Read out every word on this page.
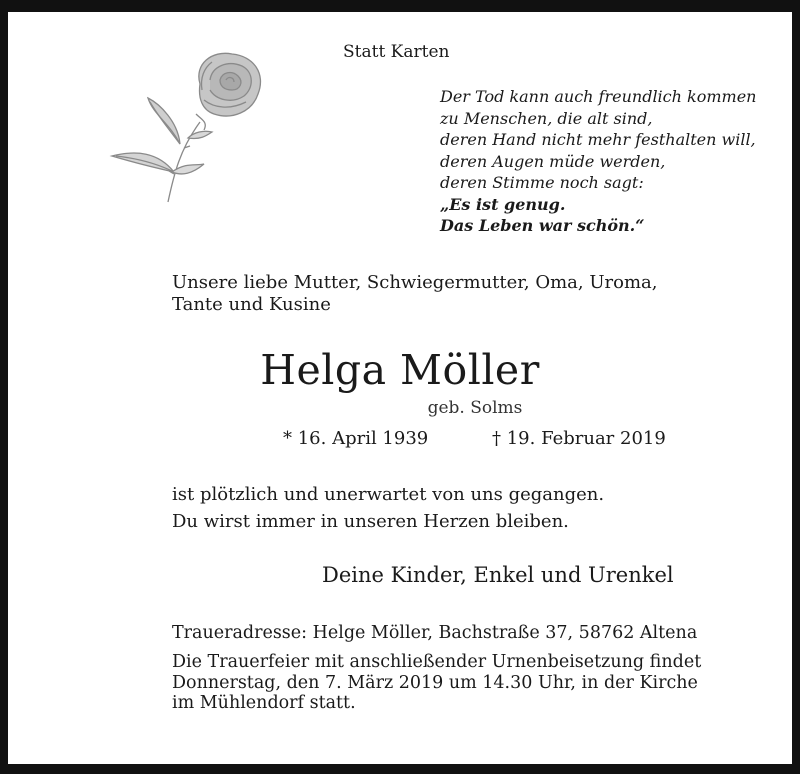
Statt Karten
Der Tod kann auch freundlich kommen
zu Menschen, die alt sind,
deren Hand nicht mehr festhalten will,
deren Augen müde werden,
deren Stimme noch sagt:
„Es ist genug.
Das Leben war schön.“
Unsere liebe Mutter, Schwiegermutter, Oma, Uroma,
Tante und Kusine
Helga Möller
geb. Solms
* 16. April 1939	† 19. Februar 2019
ist plötzlich und unerwartet von uns gegangen.
Du wirst immer in unseren Herzen bleiben.
Deine Kinder, Enkel und Urenkel
Traueradresse: Helge Möller, Bachstraße 37, 58762 Altena
Die Trauerfeier mit anschließender Urnenbeisetzung findet
Donnerstag, den 7. März 2019 um 14.30 Uhr, in der Kirche
im Mühlendorf statt.
